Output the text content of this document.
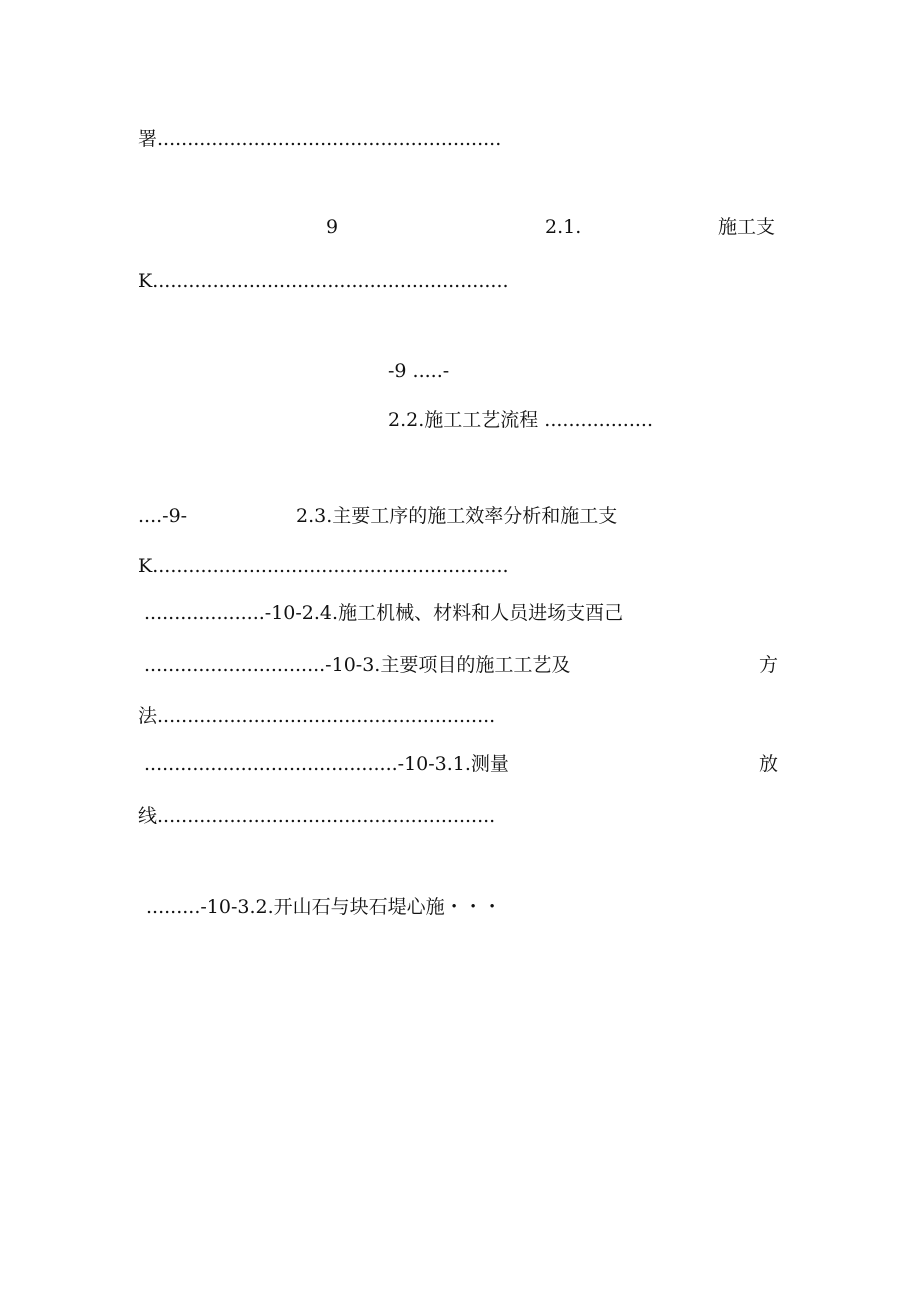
署.........................................................

9	2.1.	施工支

K...........................................................

-9 .....-

2.2.施工工艺流程 ..................

....-9-	2.3.主要工序的施工效率分析和施工支

K...........................................................

....................-10-2.4.施工机械、材料和人员进场支酉己

..............................-10-3.主要项目的施工工艺及	方

法........................................................

..........................................-10-3.1.测量	放

线........................................................

.........-10-3.2.开山石与块石堤心施・・・
